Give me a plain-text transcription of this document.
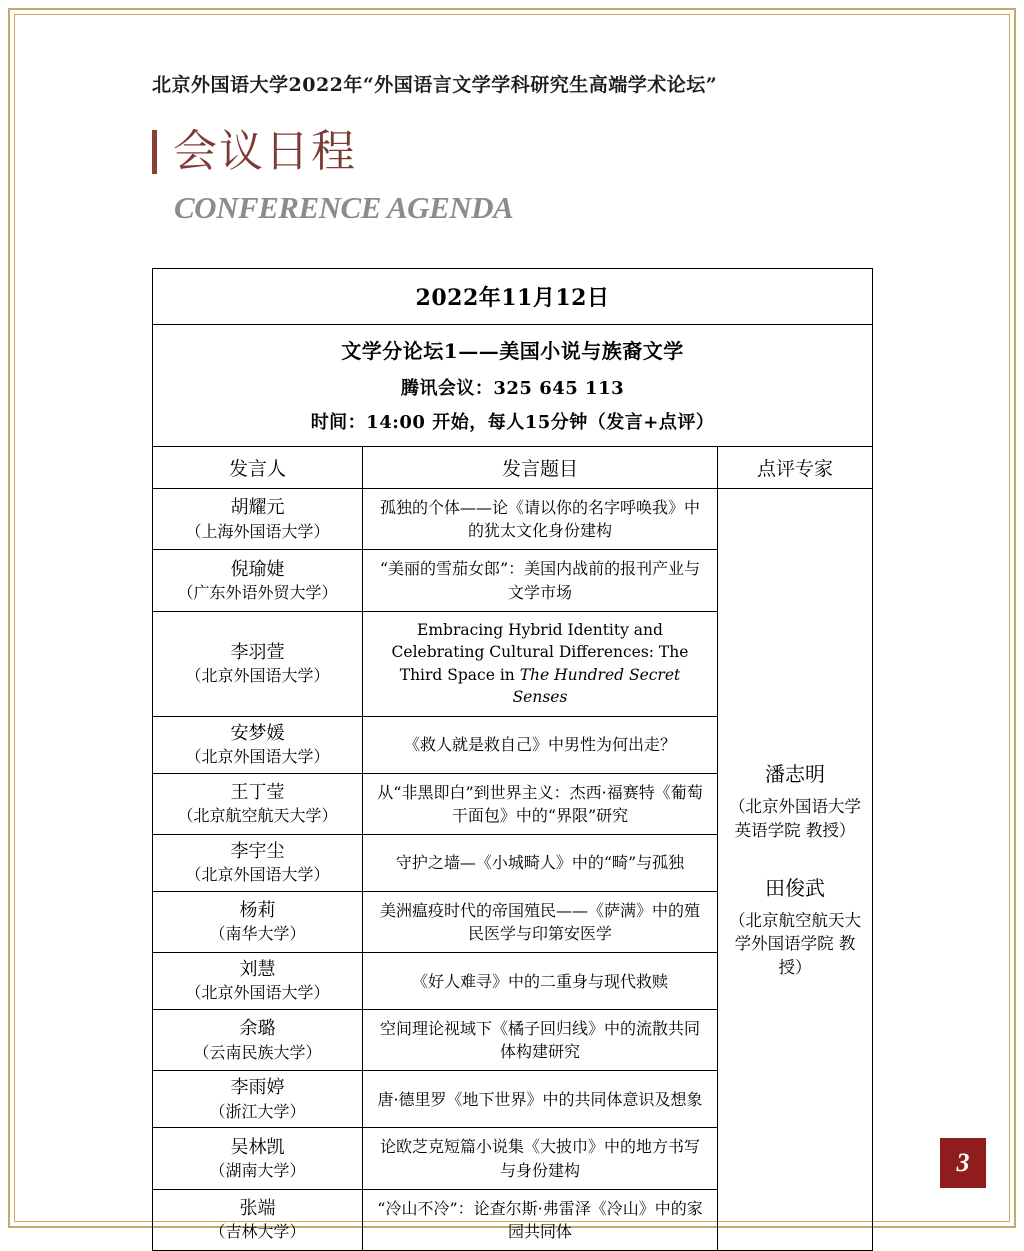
北京外国语大学2022年“外国语言文学学科研究生高端学术论坛”
会议日程
CONFERENCE AGENDA
2022年11月12日		

文学分论坛1——美国小说与族裔文学
腾讯会议：325 645 113
时间：14:00 开始，每人15分钟（发言+点评）		

发言人	发言题目	点评专家

胡耀元
（上海外国语大学）	孤独的个体——论《请以你的名字呼唤我》中的犹太文化身份建构	潘志明
（北京外国语大学英语学院 教授）
田俊武
（北京航空航天大学外国语学院 教授）

倪瑜婕
（广东外语外贸大学）	“美丽的雪茄女郎”：美国内战前的报刊产业与文学市场	

李羽萱
（北京外国语大学）	Embracing Hybrid Identity and Celebrating Cultural Differences: The Third Space in The Hundred Secret Senses	

安梦媛
（北京外国语大学）	《救人就是救自己》中男性为何出走？	

王丁莹
（北京航空航天大学）	从“非黑即白”到世界主义：杰西·福赛特《葡萄干面包》中的“界限”研究	

李宇尘
（北京外国语大学）	守护之墙—《小城畸人》中的“畸”与孤独	

杨莉
（南华大学）	美洲瘟疫时代的帝国殖民——《萨满》中的殖民医学与印第安医学	

刘慧
（北京外国语大学）	《好人难寻》中的二重身与现代救赎	

余璐
（云南民族大学）	空间理论视域下《橘子回归线》中的流散共同体构建研究	

李雨婷
（浙江大学）	唐·德里罗《地下世界》中的共同体意识及想象	

吴林凯
（湖南大学）	论欧芝克短篇小说集《大披巾》中的地方书写与身份建构	

张端
（吉林大学）	“冷山不冷”：论查尔斯·弗雷泽《冷山》中的家园共同体	
3
